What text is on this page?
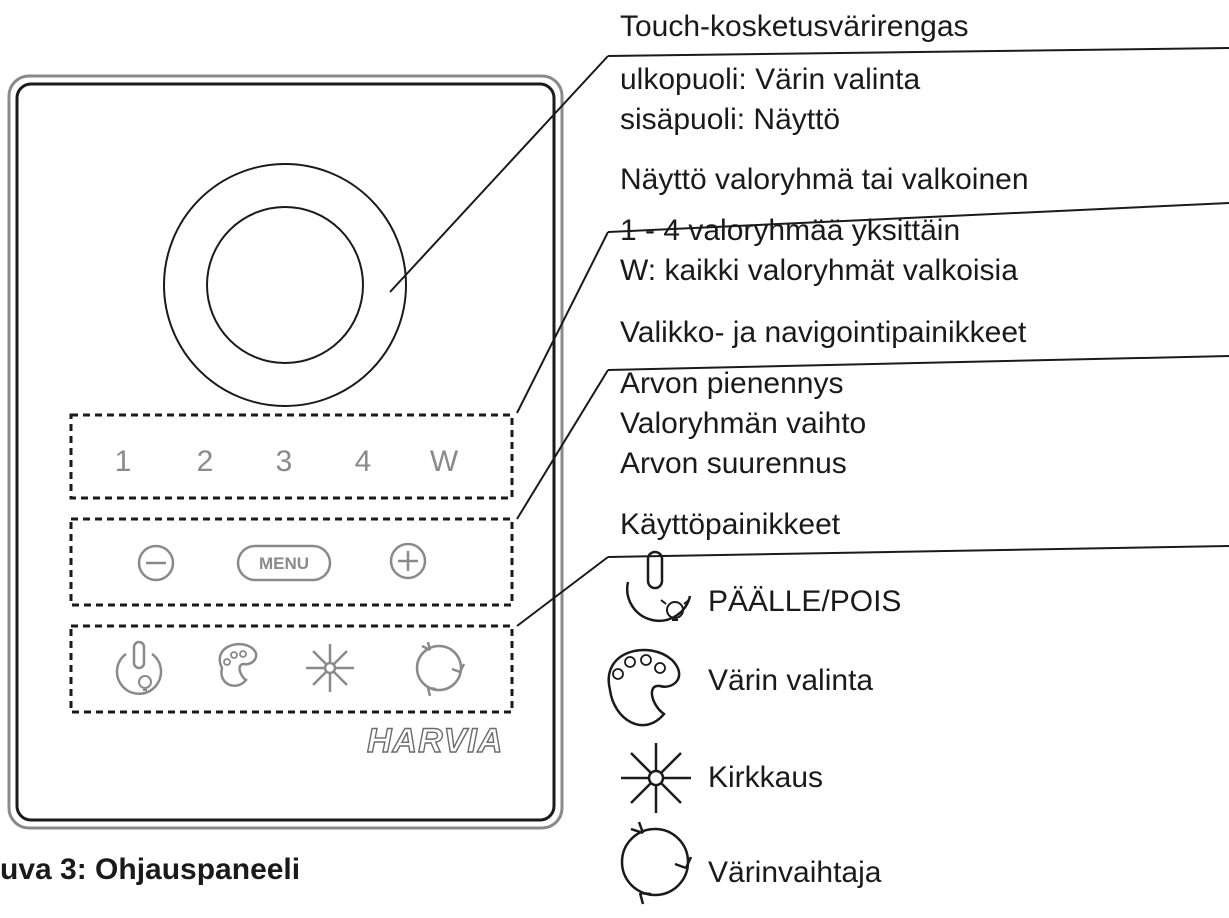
MENU
1	2	3	4	W
HARVIA
uva 3: Ohjauspaneeli
Touch-kosketusvärirengas
ulkopuoli: Värin valinta
sisäpuoli: Näyttö
Näyttö valoryhmä tai valkoinen
1 - 4 valoryhmää yksittäin
W: kaikki valoryhmät valkoisia
Valikko- ja navigointipainikkeet
Arvon pienennys
Valoryhmän vaihto
Arvon suurennus
Käyttöpainikkeet
PÄÄLLE/POIS
Värin valinta
Kirkkaus
Värinvaihtaja
